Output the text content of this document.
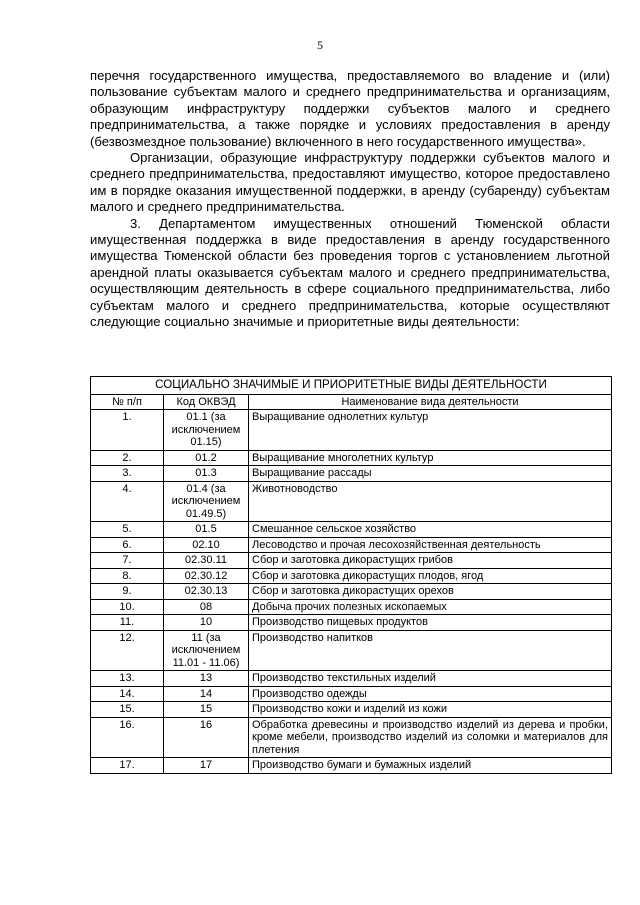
5

перечня государственного имущества, предоставляемого во владение и (или) пользование субъектам малого и среднего предпринимательства и организациям, образующим инфраструктуру поддержки субъектов малого и среднего предпринимательства, а также порядке и условиях предоставления в аренду (безвозмездное пользование) включенного в него государственного имущества».

Организации, образующие инфраструктуру поддержки субъектов малого и среднего предпринимательства, предоставляют имущество, которое предоставлено им в порядке оказания имущественной поддержки, в аренду (субаренду) субъектам малого и среднего предпринимательства.

3. Департаментом имущественных отношений Тюменской области имущественная поддержка в виде предоставления в аренду государственного имущества Тюменской области без проведения торгов с установлением льготной арендной платы оказывается субъектам малого и среднего предпринимательства, осуществляющим деятельность в сфере социального предпринимательства, либо субъектам малого и среднего предпринимательства, которые осуществляют следующие социально значимые и приоритетные виды деятельности:

СОЦИАЛЬНО ЗНАЧИМЫЕ И ПРИОРИТЕТНЫЕ ВИДЫ ДЕЯТЕЛЬНОСТИ		
№ п/п	Код ОКВЭД	Наименование вида деятельности
1.	01.1 (за исключением 01.15)	Выращивание однолетних культур
2.	01.2	Выращивание многолетних культур
3.	01.3	Выращивание рассады
4.	01.4 (за исключением 01.49.5)	Животноводство
5.	01.5	Смешанное сельское хозяйство
6.	02.10	Лесоводство и прочая лесохозяйственная деятельность
7.	02.30.11	Сбор и заготовка дикорастущих грибов
8.	02.30.12	Сбор и заготовка дикорастущих плодов, ягод
9.	02.30.13	Сбор и заготовка дикорастущих орехов
10.	08	Добыча прочих полезных ископаемых
11.	10	Производство пищевых продуктов
12.	11 (за исключением 11.01 - 11.06)	Производство напитков
13.	13	Производство текстильных изделий
14.	14	Производство одежды
15.	15	Производство кожи и изделий из кожи
16.	16	Обработка древесины и производство изделий из дерева и пробки, кроме мебели, производство изделий из соломки и материалов для плетения
17.	17	Производство бумаги и бумажных изделий
